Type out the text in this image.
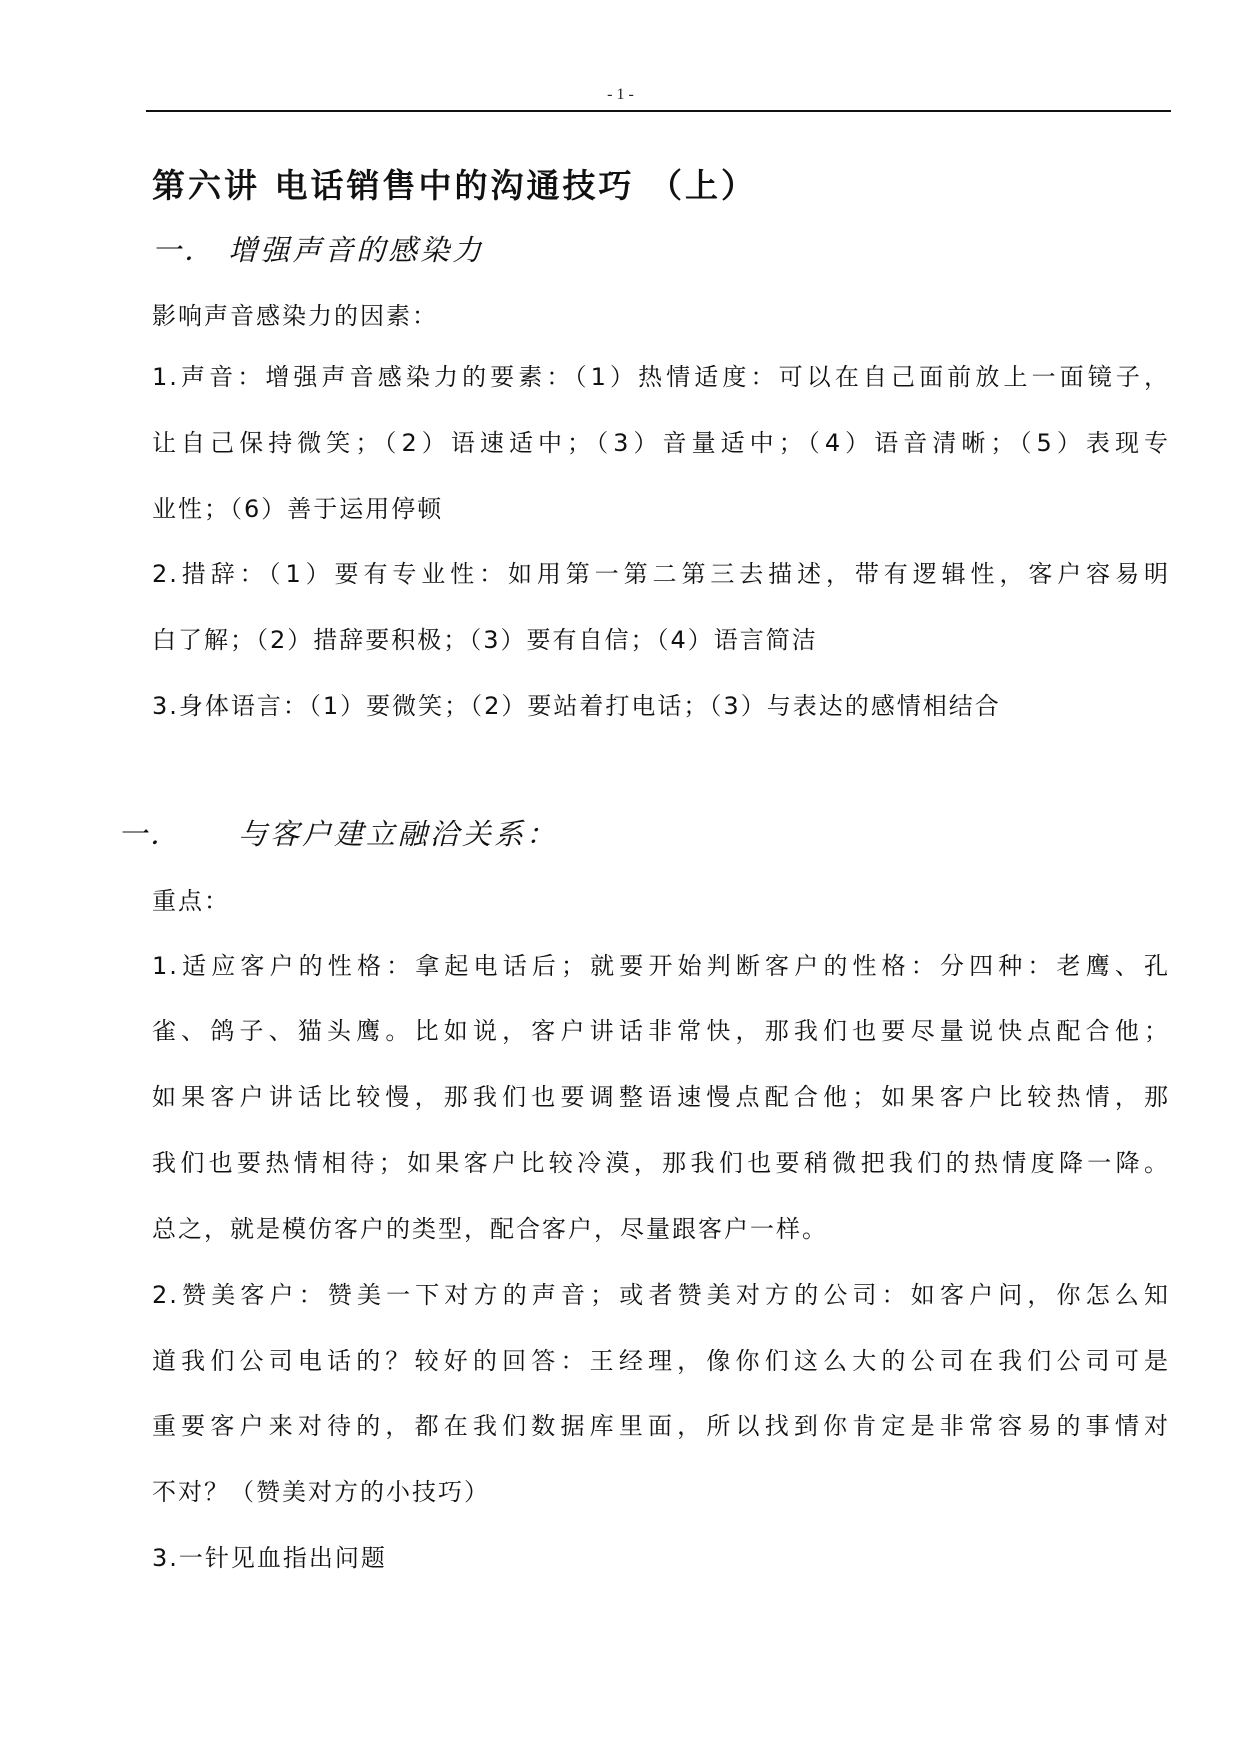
- 1 -
第六讲 电话销售中的沟通技巧 （上）
一． 增强声音的感染力
影响声音感染力的因素：
1.声音：增强声音感染力的要素：（1）热情适度：可以在自己面前放上一面镜子，
让自己保持微笑；（2）语速适中；（3）音量适中；（4）语音清晰；（5）表现专
业性；（6）善于运用停顿
2.措辞：（1）要有专业性：如用第一第二第三去描述，带有逻辑性，客户容易明
白了解；（2）措辞要积极；（3）要有自信；（4）语言简洁
3.身体语言：（1）要微笑；（2）要站着打电话；（3）与表达的感情相结合
一． 与客户建立融洽关系：
重点：
1.适应客户的性格：拿起电话后；就要开始判断客户的性格：分四种：老鹰、孔
雀、鸽子、猫头鹰。比如说，客户讲话非常快，那我们也要尽量说快点配合他；
如果客户讲话比较慢，那我们也要调整语速慢点配合他；如果客户比较热情，那
我们也要热情相待；如果客户比较冷漠，那我们也要稍微把我们的热情度降一降。
总之，就是模仿客户的类型，配合客户，尽量跟客户一样。
2.赞美客户：赞美一下对方的声音；或者赞美对方的公司：如客户问，你怎么知
道我们公司电话的？较好的回答：王经理，像你们这么大的公司在我们公司可是
重要客户来对待的，都在我们数据库里面，所以找到你肯定是非常容易的事情对
不对？（赞美对方的小技巧）
3.一针见血指出问题
